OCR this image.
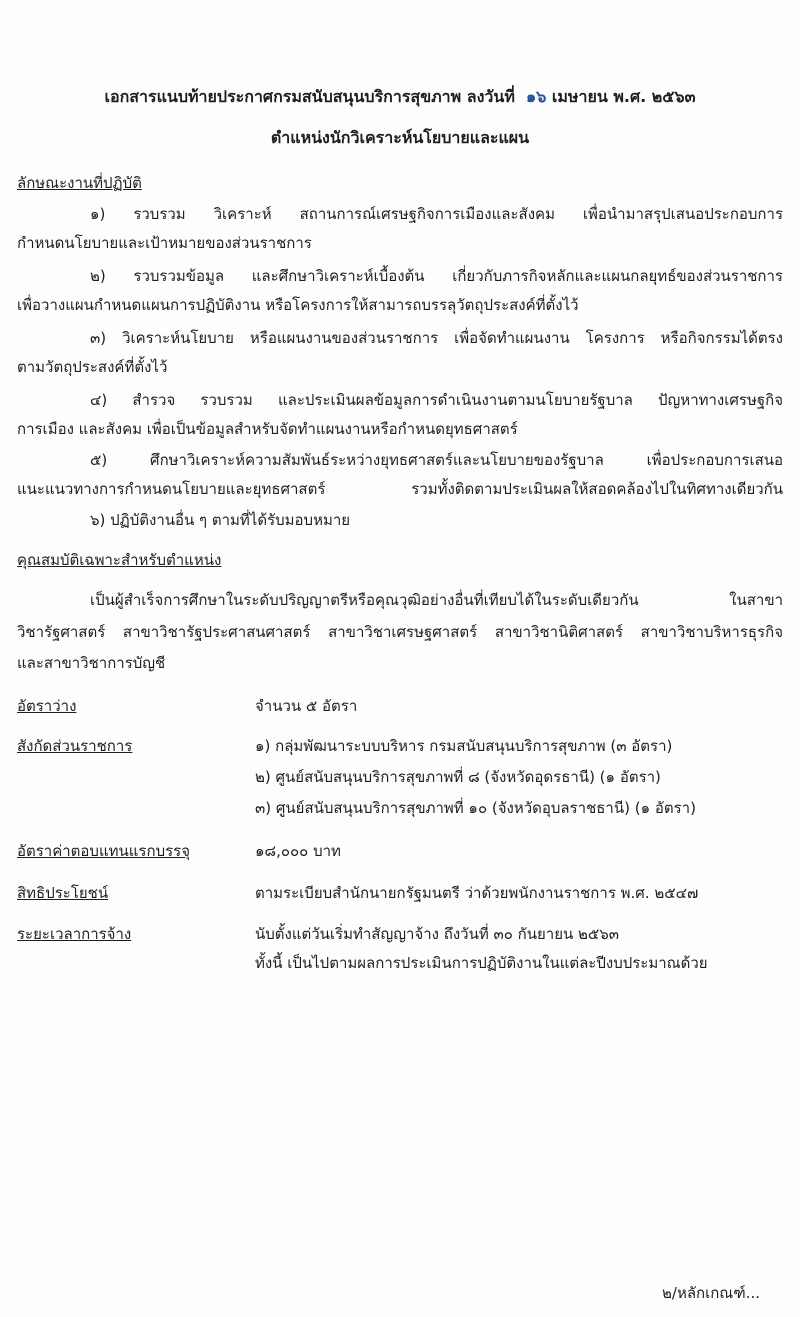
เอกสารแนบท้ายประกาศกรมสนับสนุนบริการสุขภาพ ลงวันที่ ๑๖ เมษายน พ.ศ. ๒๕๖๓
ตำแหน่งนักวิเคราะห์นโยบายและแผน
ลักษณะงานที่ปฏิบัติ
๑) รวบรวม วิเคราะห์ สถานการณ์เศรษฐกิจการเมืองและสังคม เพื่อนำมาสรุปเสนอประกอบการ
กำหนดนโยบายและเป้าหมายของส่วนราชการ
๒) รวบรวมข้อมูล และศึกษาวิเคราะห์เบื้องต้น เกี่ยวกับภารกิจหลักและแผนกลยุทธ์ของส่วนราชการ
เพื่อวางแผนกำหนดแผนการปฏิบัติงาน หรือโครงการให้สามารถบรรลุวัตถุประสงค์ที่ตั้งไว้
๓) วิเคราะห์นโยบาย หรือแผนงานของส่วนราชการ เพื่อจัดทำแผนงาน โครงการ หรือกิจกรรมได้ตรง
ตามวัตถุประสงค์ที่ตั้งไว้
๔) สำรวจ รวบรวม และประเมินผลข้อมูลการดำเนินงานตามนโยบายรัฐบาล ปัญหาทางเศรษฐกิจ
การเมือง และสังคม เพื่อเป็นข้อมูลสำหรับจัดทำแผนงานหรือกำหนดยุทธศาสตร์
๕) ศึกษาวิเคราะห์ความสัมพันธ์ระหว่างยุทธศาสตร์และนโยบายของรัฐบาล เพื่อประกอบการเสนอ
แนะแนวทางการกำหนดนโยบายและยุทธศาสตร์ รวมทั้งติดตามประเมินผลให้สอดคล้องไปในทิศทางเดียวกัน
๖) ปฏิบัติงานอื่น ๆ ตามที่ได้รับมอบหมาย
คุณสมบัติเฉพาะสำหรับตำแหน่ง
เป็นผู้สำเร็จการศึกษาในระดับปริญญาตรีหรือคุณวุฒิอย่างอื่นที่เทียบได้ในระดับเดียวกัน ในสาขา
วิชารัฐศาสตร์ สาขาวิชารัฐประศาสนศาสตร์ สาขาวิชาเศรษฐศาสตร์ สาขาวิชานิติศาสตร์ สาขาวิชาบริหารธุรกิจ
และสาขาวิชาการบัญชี
อัตราว่าง	จำนวน ๕ อัตรา
สังกัดส่วนราชการ	๑) กลุ่มพัฒนาระบบบริหาร กรมสนับสนุนบริการสุขภาพ (๓ อัตรา)
๒) ศูนย์สนับสนุนบริการสุขภาพที่ ๘ (จังหวัดอุดรธานี) (๑ อัตรา)
๓) ศูนย์สนับสนุนบริการสุขภาพที่ ๑๐ (จังหวัดอุบลราชธานี) (๑ อัตรา)
อัตราค่าตอบแทนแรกบรรจุ	๑๘,๐๐๐ บาท
สิทธิประโยชน์	ตามระเบียบสำนักนายกรัฐมนตรี ว่าด้วยพนักงานราชการ พ.ศ. ๒๕๔๗
ระยะเวลาการจ้าง	นับตั้งแต่วันเริ่มทำสัญญาจ้าง ถึงวันที่ ๓๐ กันยายน ๒๕๖๓
ทั้งนี้ เป็นไปตามผลการประเมินการปฏิบัติงานในแต่ละปีงบประมาณด้วย
๒/หลักเกณฑ์...
